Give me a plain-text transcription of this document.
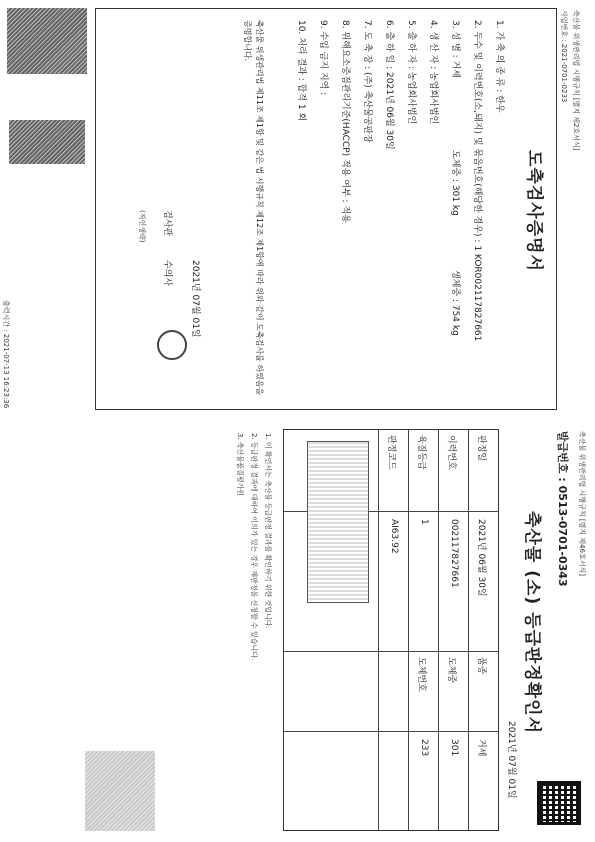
축산물 위생관리법 시행규칙 [별지 제2호서식]
사업번호 : 2021-0701-0233
도축검사증명서
1. 가 축 의 종 류 : 한우
2. 두수 및 이력번호(소,돼지) 및 묶음번호(해당한 경우) : 1 KOR002117827661
3. 성 별 : 거세
도체중 : 301 kg
생체중 : 754 kg
4. 생 산 자 : 농업회사법인
5. 출 하 자 : 농업회사법인
6. 출 하 일 : 2021년 06월 30일
7. 도 축 장 : (주) 축산물공판장
8. 위해요소중점관리기준(HACCP) 적용 여부 : 적용
9. 수입 금지 지역 :
10. 처리 결과 : 합격 1 회
축산물 위생관리법 제11조 제1항 및 같은 법 시행규칙 제12조 제1항에 따라 위와 같이 도축검사를 하였음을 증명합니다.
2021년 07월 01일
검사관
수의사
(직인생략)
출력시간 : 2021-07-13 16:23:36
축산물 위생관리법 시행규칙 [별지 제46호서식]
발급번호 : 0513-0701-0343
축산물 (소) 등급판정확인서
2021년 07월 01일
판정일
2021년 06월 30일
품종
거세
이력번호
002117827661
도체중
301
육질등급
1
도체번호
233
판정코드
AI63.92
1. 이 확인서는 축산물 등급판정 결과를 확인하기 위한 것입니다.
2. 등급판정 결과에 대하여 이의가 있는 경우 재판정을 신청할 수 있습니다.
3. 축산물품질평가원
